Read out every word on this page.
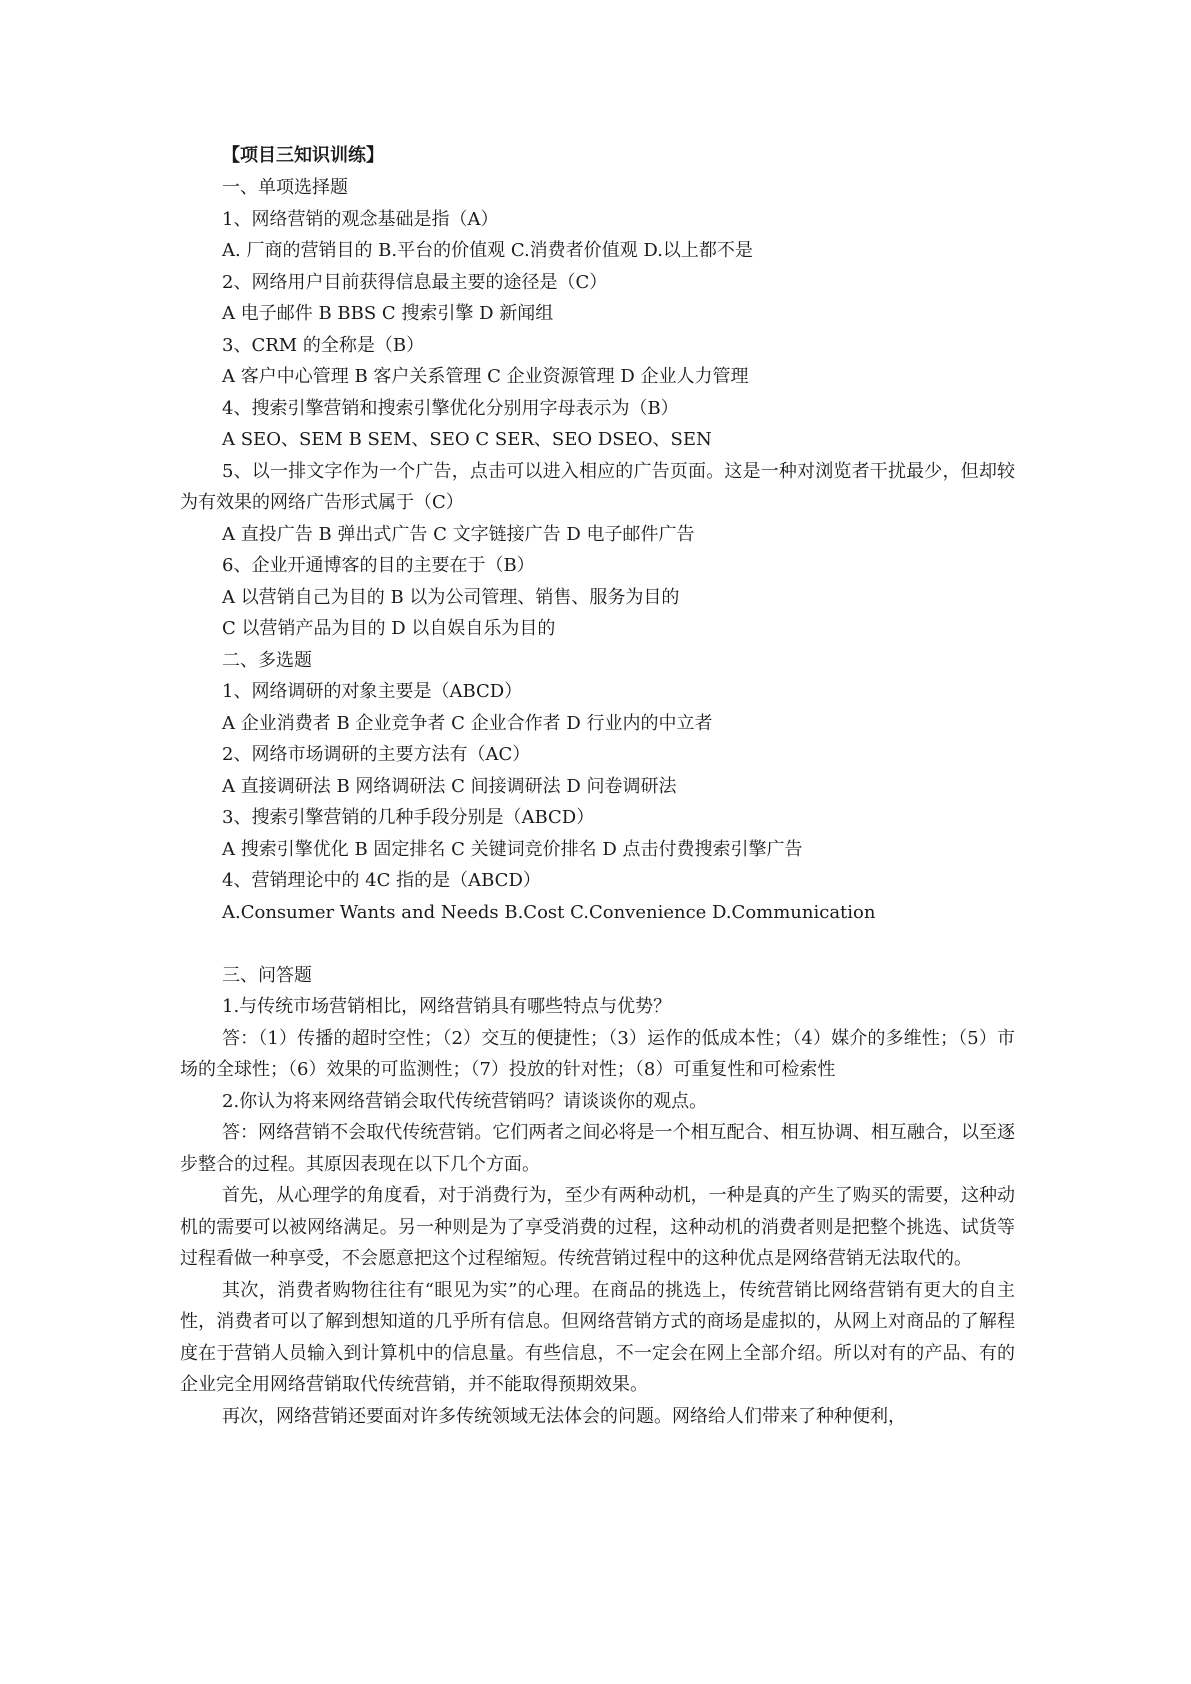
【项目三知识训练】
一、单项选择题
1、网络营销的观念基础是指（A）
A. 厂商的营销目的 B.平台的价值观 C.消费者价值观 D.以上都不是
2、网络用户目前获得信息最主要的途径是（C）
A 电子邮件 B BBS C 搜索引擎 D 新闻组
3、CRM 的全称是（B）
A 客户中心管理 B 客户关系管理 C 企业资源管理 D 企业人力管理
4、搜索引擎营销和搜索引擎优化分别用字母表示为（B）
A SEO、SEM B SEM、SEO C SER、SEO DSEO、SEN
5、以一排文字作为一个广告，点击可以进入相应的广告页面。这是一种对浏览者干扰最少，但却较为有效果的网络广告形式属于（C）
A 直投广告 B 弹出式广告 C 文字链接广告 D 电子邮件广告
6、企业开通博客的目的主要在于（B）
A 以营销自己为目的 B 以为公司管理、销售、服务为目的
C 以营销产品为目的 D 以自娱自乐为目的
二、多选题
1、网络调研的对象主要是（ABCD）
A 企业消费者 B 企业竞争者 C 企业合作者 D 行业内的中立者
2、网络市场调研的主要方法有（AC）
A 直接调研法 B 网络调研法 C 间接调研法 D 问卷调研法
3、搜索引擎营销的几种手段分别是（ABCD）
A 搜索引擎优化 B 固定排名 C 关键词竞价排名 D 点击付费搜索引擎广告
4、营销理论中的 4C 指的是（ABCD）
A.Consumer Wants and Needs B.Cost C.Convenience D.Communication
三、问答题
1.与传统市场营销相比，网络营销具有哪些特点与优势？
答：（1）传播的超时空性；（2）交互的便捷性；（3）运作的低成本性；（4）媒介的多维性；（5）市场的全球性；（6）效果的可监测性；（7）投放的针对性；（8）可重复性和可检索性
2.你认为将来网络营销会取代传统营销吗？请谈谈你的观点。
答：网络营销不会取代传统营销。它们两者之间必将是一个相互配合、相互协调、相互融合，以至逐步整合的过程。其原因表现在以下几个方面。
首先，从心理学的角度看，对于消费行为，至少有两种动机，一种是真的产生了购买的需要，这种动机的需要可以被网络满足。另一种则是为了享受消费的过程，这种动机的消费者则是把整个挑选、试货等过程看做一种享受，不会愿意把这个过程缩短。传统营销过程中的这种优点是网络营销无法取代的。
其次，消费者购物往往有“眼见为实”的心理。在商品的挑选上，传统营销比网络营销有更大的自主性，消费者可以了解到想知道的几乎所有信息。但网络营销方式的商场是虚拟的，从网上对商品的了解程度在于营销人员输入到计算机中的信息量。有些信息，不一定会在网上全部介绍。所以对有的产品、有的企业完全用网络营销取代传统营销，并不能取得预期效果。
再次，网络营销还要面对许多传统领域无法体会的问题。网络给人们带来了种种便利，
